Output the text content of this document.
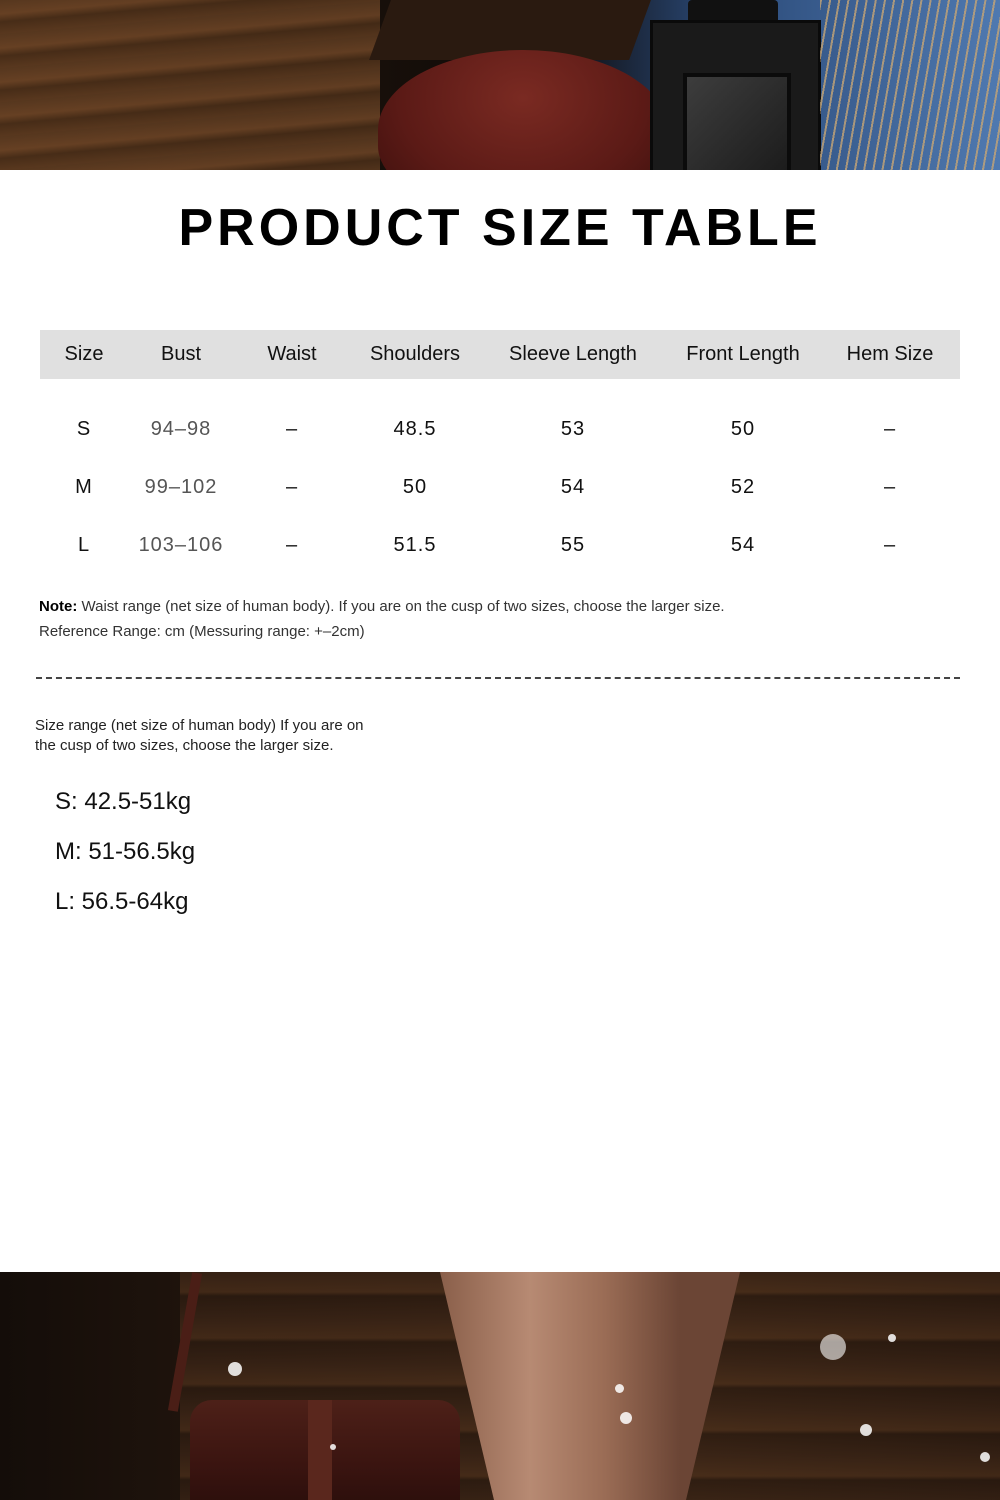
PRODUCT SIZE TABLE
Size	Bust	Waist	Shoulders	Sleeve Length	Front Length	Hem Size
S	94–98	–	48.5	53	50	–
M	99–102	–	50	54	52	–
L	103–106	–	51.5	55	54	–
Note: Waist range (net size of human body). If you are on the cusp of two sizes, choose the larger size.
Reference Range: cm (Messuring range: +–2cm)
Size range (net size of human body) If you are on the cusp of two sizes, choose the larger size.
S: 42.5-51kg
M: 51-56.5kg
L: 56.5-64kg
